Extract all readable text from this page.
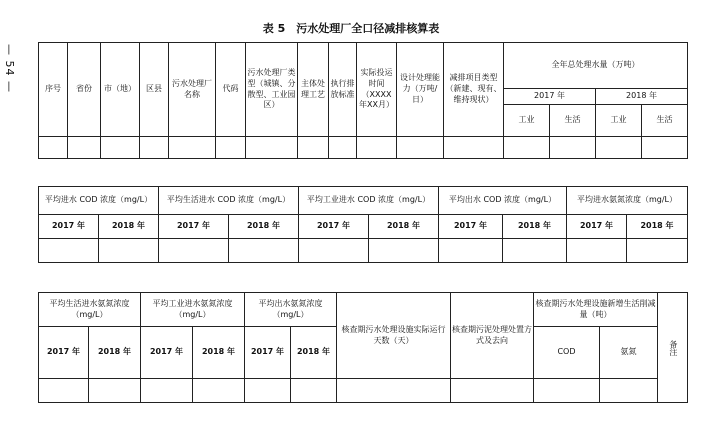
— 54 —
表 5　污水处理厂全口径减排核算表
序号	省份	市（地）	区县	污水处理厂名称	代码	污水处理厂类型（城镇、分散型、工业园区）	主体处理工艺	执行排放标准	实际投运时间（XXXX年XX月）	设计处理能力（万吨/日）	减排项目类型（新建、现有、维持现状）	全年总处理水量（万吨）			
												2017 年		2018 年	
												工业	生活	工业	生活

平均进水 COD 浓度（mg/L）		平均生活进水 COD 浓度（mg/L）		平均工业进水 COD 浓度（mg/L）		平均出水 COD 浓度（mg/L）		平均进水氨氮浓度（mg/L）	
2017 年	2018 年	2017 年	2018 年	2017 年	2018 年	2017 年	2018 年	2017 年	2018 年

平均生活进水氨氮浓度（mg/L）		平均工业进水氨氮浓度（mg/L）		平均出水氨氮浓度（mg/L）		核查期污水处理设施实际运行天数（天）	核查期污泥处理处置方式及去向	核查期污水处理设施新增生活削减量（吨）		备注
2017 年	2018 年	2017 年	2018 年	2017 年	2018 年			COD	氨氮	
